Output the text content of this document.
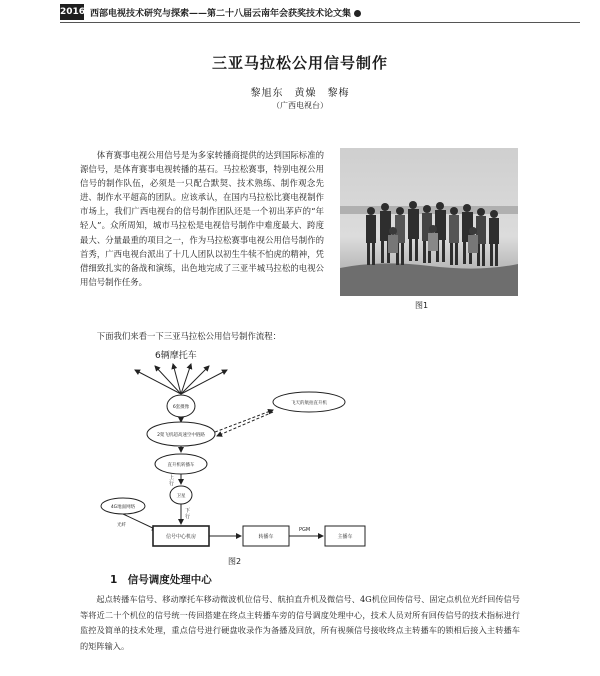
2016 西部电视技术研究与探索——第二十八届云南年会获奖技术论文集
三亚马拉松公用信号制作
黎旭东　黄燥　黎梅
（广西电视台）

体育赛事电视公用信号是为多家转播商提供的达到国际标准的源信号，是体育赛事电视转播的基石。马拉松赛事，特别电视公用信号的制作队伍，必须是一只配合默契、技术熟练、制作观念先进、制作水平超高的团队。应该承认，在国内马拉松比赛电视制作市场上，我们广西电视台的信号制作团队还是一个初出茅庐的“年轻人”。众所周知，城市马拉松是电视信号制作中难度最大、跨度最大、分量最重的项目之一，作为马拉松赛事电视公用信号制作的首秀，广西电视台派出了十几人团队以初生牛犊不怕虎的精神，凭借细致扎实的备战和演练，出色地完成了三亚半城马拉松的电视公用信号制作任务。

图1
下面我们来看一下三亚马拉松公用信号制作流程：
6辆摩托车
6套摄像
2架飞机超高速空中链路
飞天的航拍直升机
直升机转播车
上
行
卫星
下
行
4G地面网络
光纤
信号中心机房	转播车
PGM
主播车
图2
1　信号调度处理中心

起点转播车信号、移动摩托车移动微波机位信号、航拍直升机及微信号、4G机位回传信号、固定点机位光纤回传信号等将近二十个机位的信号统一传回搭建在终点主转播车旁的信号调度处理中心，技术人员对所有回传信号的技术指标进行监控及简单的技术处理，重点信号进行硬盘收录作为备播及回放，所有视频信号接收终点主转播车的锁相后接入主转播车的矩阵输入。
